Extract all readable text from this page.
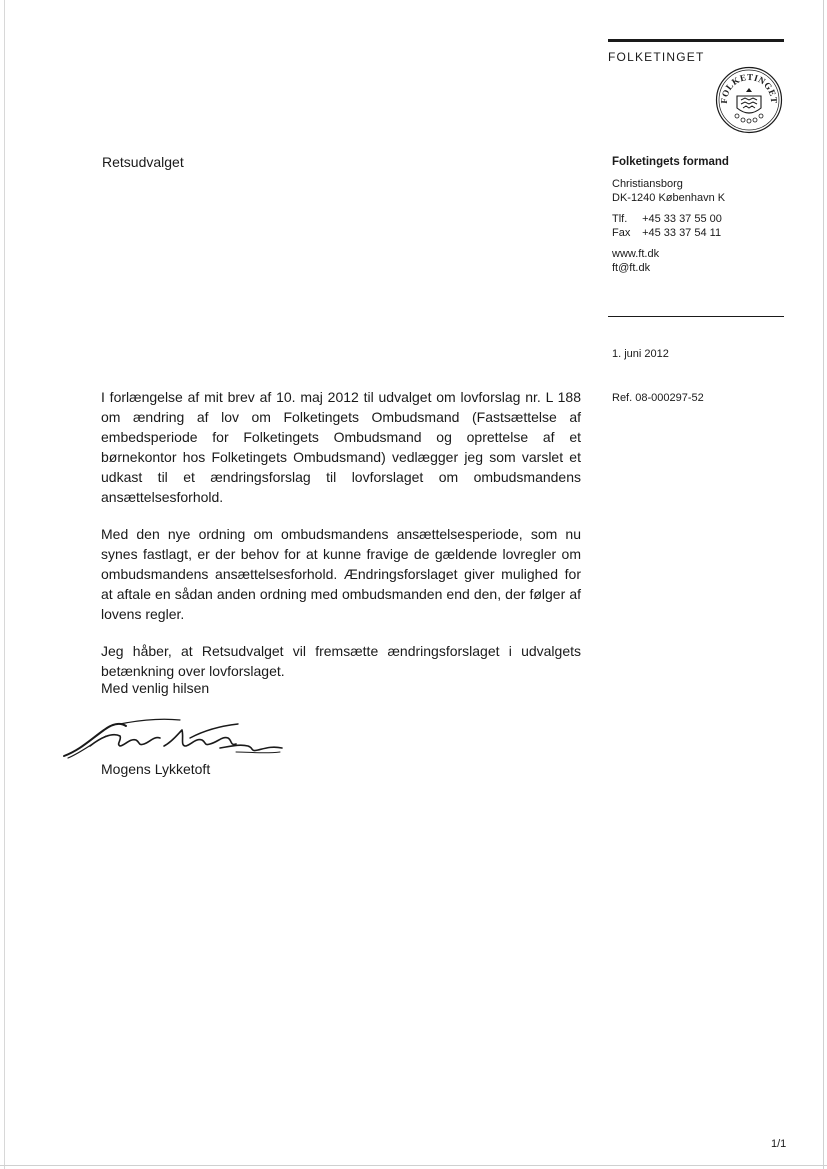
FOLKETINGET
FOLKETINGET
Retsudvalget	Folketingets formand
Christiansborg
DK-1240 København K
Tlf. +45 33 37 55 00
Fax +45 33 37 54 11
www.ft.dk
ft@ft.dk
1. juni 2012
Ref. 08-000297-52

I forlængelse af mit brev af 10. maj 2012 til udvalget om lovforslag nr. L 188 om ændring af lov om Folketingets Ombudsmand (Fastsættelse af embedsperiode for Folketingets Ombudsmand og oprettelse af et børnekontor hos Folketingets Ombudsmand) vedlægger jeg som varslet et udkast til et ændringsforslag til lovforslaget om ombudsmandens ansættelsesforhold.

Med den nye ordning om ombudsmandens ansættelsesperiode, som nu synes fastlagt, er der behov for at kunne fravige de gældende lovregler om ombudsmandens ansættelsesforhold. Ændringsforslaget giver mulighed for at aftale en sådan anden ordning med ombudsmanden end den, der følger af lovens regler.

Jeg håber, at Retsudvalget vil fremsætte ændringsforslaget i udvalgets betænkning over lovforslaget.

Med venlig hilsen
Mogens Lykketoft
1/1
